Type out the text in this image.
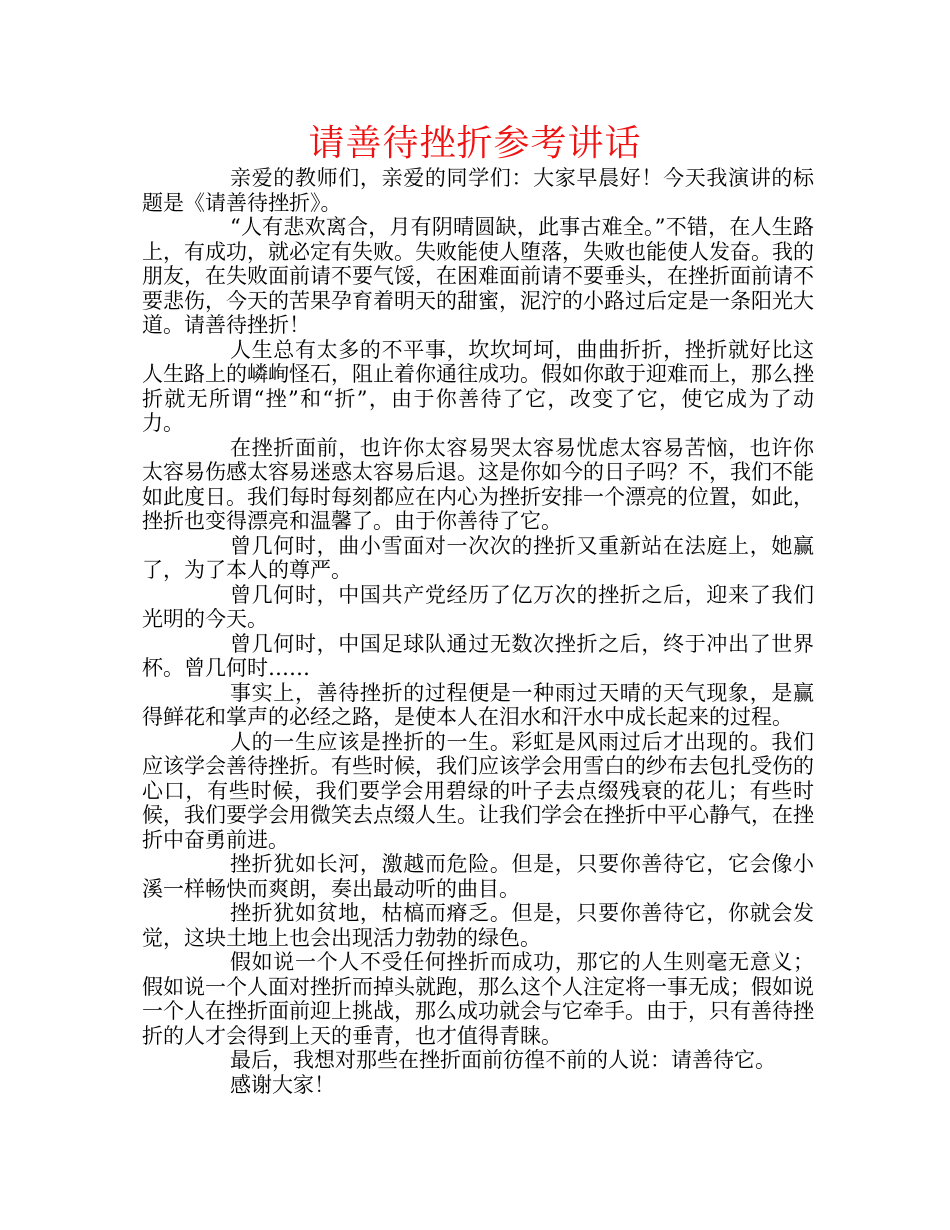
请善待挫折参考讲话

亲爱的教师们，亲爱的同学们：大家早晨好！今天我演讲的标题是《请善待挫折》。

“人有悲欢离合，月有阴晴圆缺，此事古难全。”不错，在人生路上，有成功，就必定有失败。失败能使人堕落，失败也能使人发奋。我的朋友，在失败面前请不要气馁，在困难面前请不要垂头，在挫折面前请不要悲伤，今天的苦果孕育着明天的甜蜜，泥泞的小路过后定是一条阳光大道。请善待挫折！

人生总有太多的不平事，坎坎坷坷，曲曲折折，挫折就好比这人生路上的嶙峋怪石，阻止着你通往成功。假如你敢于迎难而上，那么挫折就无所谓“挫”和“折”，由于你善待了它，改变了它，使它成为了动力。

在挫折面前，也许你太容易哭太容易忧虑太容易苦恼，也许你太容易伤感太容易迷惑太容易后退。这是你如今的日子吗？不，我们不能如此度日。我们每时每刻都应在内心为挫折安排一个漂亮的位置，如此，挫折也变得漂亮和温馨了。由于你善待了它。

曾几何时，曲小雪面对一次次的挫折又重新站在法庭上，她赢了，为了本人的尊严。

曾几何时，中国共产党经历了亿万次的挫折之后，迎来了我们光明的今天。

曾几何时，中国足球队通过无数次挫折之后，终于冲出了世界杯。曾几何时……

事实上，善待挫折的过程便是一种雨过天晴的天气现象，是赢得鲜花和掌声的必经之路，是使本人在泪水和汗水中成长起来的过程。

人的一生应该是挫折的一生。彩虹是风雨过后才出现的。我们应该学会善待挫折。有些时候，我们应该学会用雪白的纱布去包扎受伤的心口，有些时候，我们要学会用碧绿的叶子去点缀残衰的花儿；有些时候，我们要学会用微笑去点缀人生。让我们学会在挫折中平心静气，在挫折中奋勇前进。

挫折犹如长河，激越而危险。但是，只要你善待它，它会像小溪一样畅快而爽朗，奏出最动听的曲目。

挫折犹如贫地，枯槁而瘠乏。但是，只要你善待它，你就会发觉，这块土地上也会出现活力勃勃的绿色。

假如说一个人不受任何挫折而成功，那它的人生则毫无意义；假如说一个人面对挫折而掉头就跑，那么这个人注定将一事无成；假如说一个人在挫折面前迎上挑战，那么成功就会与它牵手。由于，只有善待挫折的人才会得到上天的垂青，也才值得青睐。

最后，我想对那些在挫折面前彷徨不前的人说：请善待它。

感谢大家！
